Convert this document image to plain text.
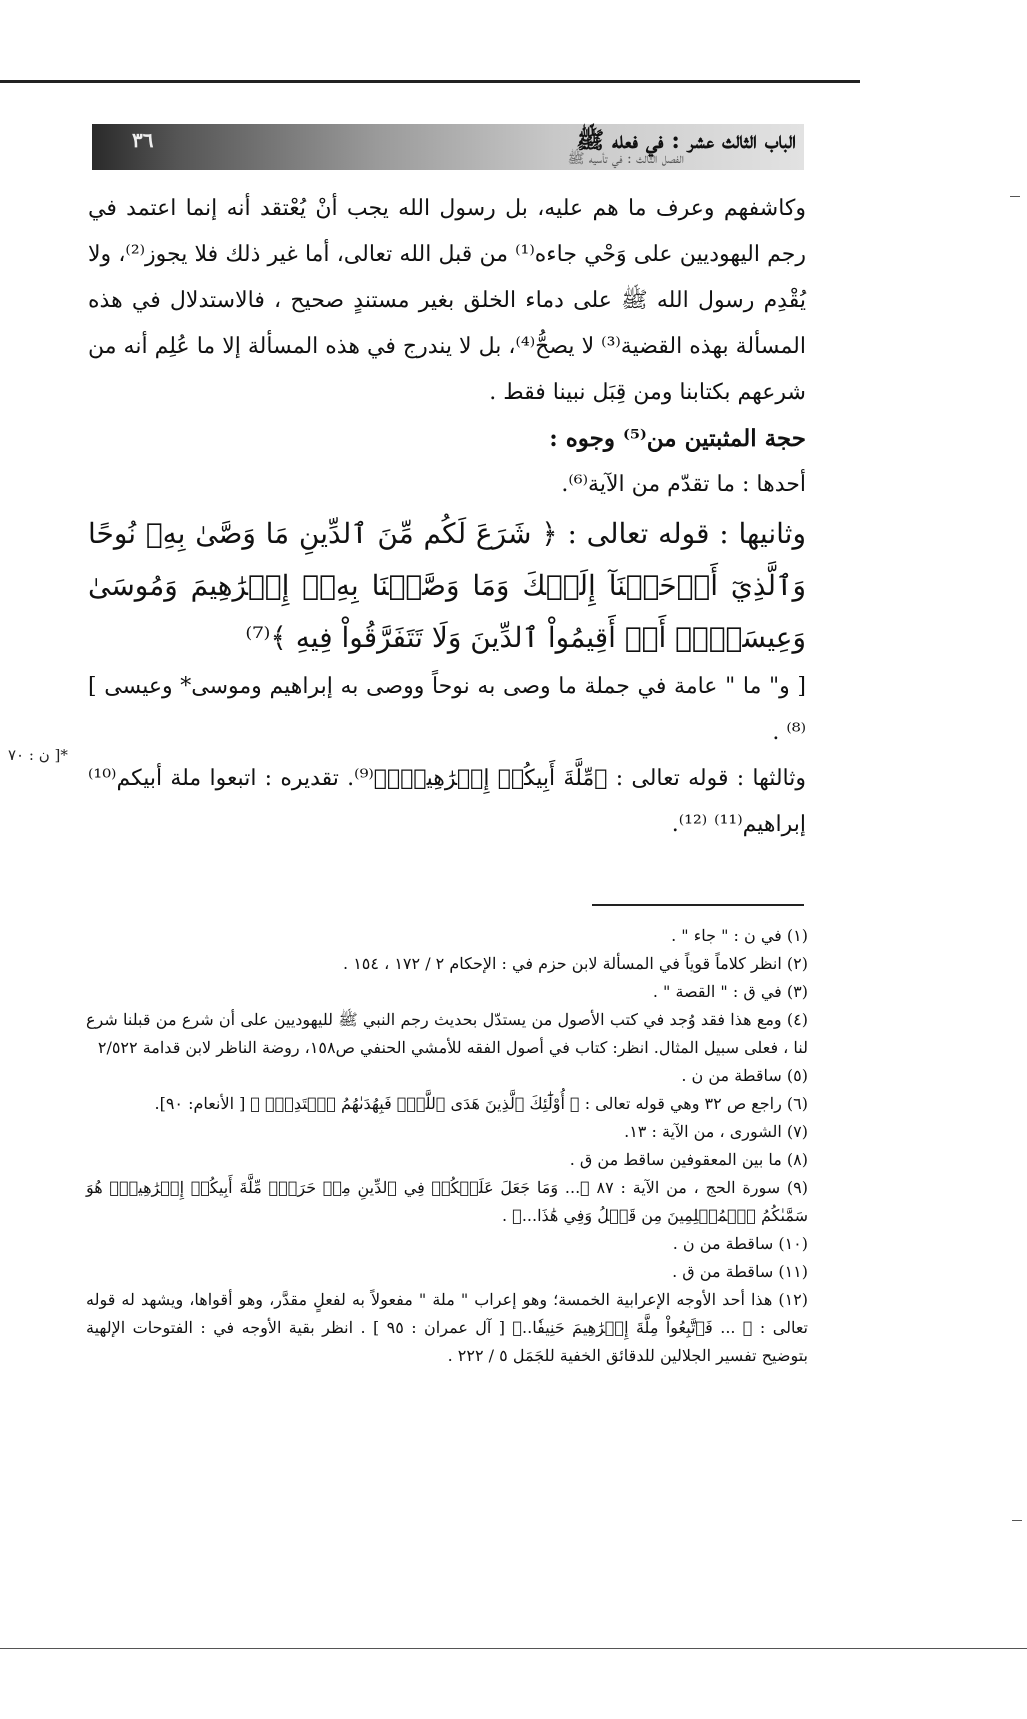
الباب الثالث عشر : في فعله ﷺ
الفصل الثالث : في تأسيه ﷺ
٣٦

وكاشفهم وعرف ما هم عليه، بل رسول الله يجب أنْ يُعْتقد أنه إنما اعتمد في رجم اليهوديين على وَحْي جاءه⁽¹⁾ من قبل الله تعالى، أما غير ذلك فلا يجوز⁽²⁾، ولا يُقْدِم رسول الله ﷺ على دماء الخلق بغير مستندٍ صحيح ، فالاستدلال في هذه المسألة بهذه القضية⁽³⁾ لا يصحُّ⁽⁴⁾، بل لا يندرج في هذه المسألة إلا ما عُلِم أنه من شرعهم بكتابنا ومن قِبَل نبينا فقط .

حجة المثبتين من⁽⁵⁾ وجوه :

أحدها : ما تقدّم من الآية⁽⁶⁾.

وثانيها : قوله تعالى : ﴿ شَرَعَ لَكُم مِّنَ ٱلدِّينِ مَا وَصَّىٰ بِهِۦ نُوحًا وَٱلَّذِيٓ أَوۡحَيۡنَآ إِلَيۡكَ وَمَا وَصَّيۡنَا بِهِۦٓ إِبۡرَٰهِيمَ وَمُوسَىٰ وَعِيسَىٰٓۖ أَنۡ أَقِيمُواْ ٱلدِّينَ وَلَا تَتَفَرَّقُواْ فِيهِ ﴾⁽⁷⁾

[ و" ما " عامة في جملة ما وصى به نوحاً ووصى به إبراهيم وموسى* وعيسى ]⁽⁸⁾ .

وثالثها : قوله تعالى : ﴿مِّلَّةَ أَبِيكُمۡ إِبۡرَٰهِيمَۚ﴾⁽⁹⁾. تقديره : اتبعوا ملة أبيكم⁽¹⁰⁾ إبراهيم⁽¹¹⁾ ⁽¹²⁾.

*[ ن : ٧٠

(١) في ن : " جاء " .

(٢) انظر كلاماً قوياً في المسألة لابن حزم في : الإحكام ٢ / ١٧٢ ، ١٥٤ .

(٣) في ق : " القصة " .

(٤) ومع هذا فقد وُجد في كتب الأصول من يستدّل بحديث رجم النبي ﷺ لليهوديين على أن شرع من قبلنا شرع لنا ، فعلى سبيل المثال. انظر: كتاب في أصول الفقه للأمشي الحنفي ص١٥٨، روضة الناظر لابن قدامة ٢/٥٢٢

(٥) ساقطة من ن .

(٦) راجع ص ٣٢ وهي قوله تعالى : ﴿ أُوْلَٰٓئِكَ ٱلَّذِينَ هَدَى ٱللَّهُۖ فَبِهُدَىٰهُمُ ٱقۡتَدِهۡۗ ﴾ [ الأنعام: ٩٠].

(٧) الشورى ، من الآية : ١٣.

(٨) ما بين المعقوفين ساقط من ق .

(٩) سورة الحج ، من الآية : ٨٧ ﴿... وَمَا جَعَلَ عَلَيۡكُمۡ فِي ٱلدِّينِ مِنۡ حَرَجٖۚ مِّلَّةَ أَبِيكُمۡ إِبۡرَٰهِيمَۚ هُوَ سَمَّىٰكُمُ ٱلۡمُسۡلِمِينَ مِن قَبۡلُ وَفِي هَٰذَا...﴾ .

(١٠) ساقطة من ن .

(١١) ساقطة من ق .

(١٢) هذا أحد الأوجه الإعرابية الخمسة؛ وهو إعراب " ملة " مفعولاً به لفعلٍ مقدَّر، وهو أقواها، ويشهد له قوله تعالى : ﴿ ... فَٱتَّبِعُواْ مِلَّةَ إِبۡرَٰهِيمَ حَنِيفٗا..﴾ [ آل عمران : ٩٥ ] . انظر بقية الأوجه في : الفتوحات الإلهية بتوضيح تفسير الجلالين للدقائق الخفية للجَمَل ٥ / ٢٢٢ .
